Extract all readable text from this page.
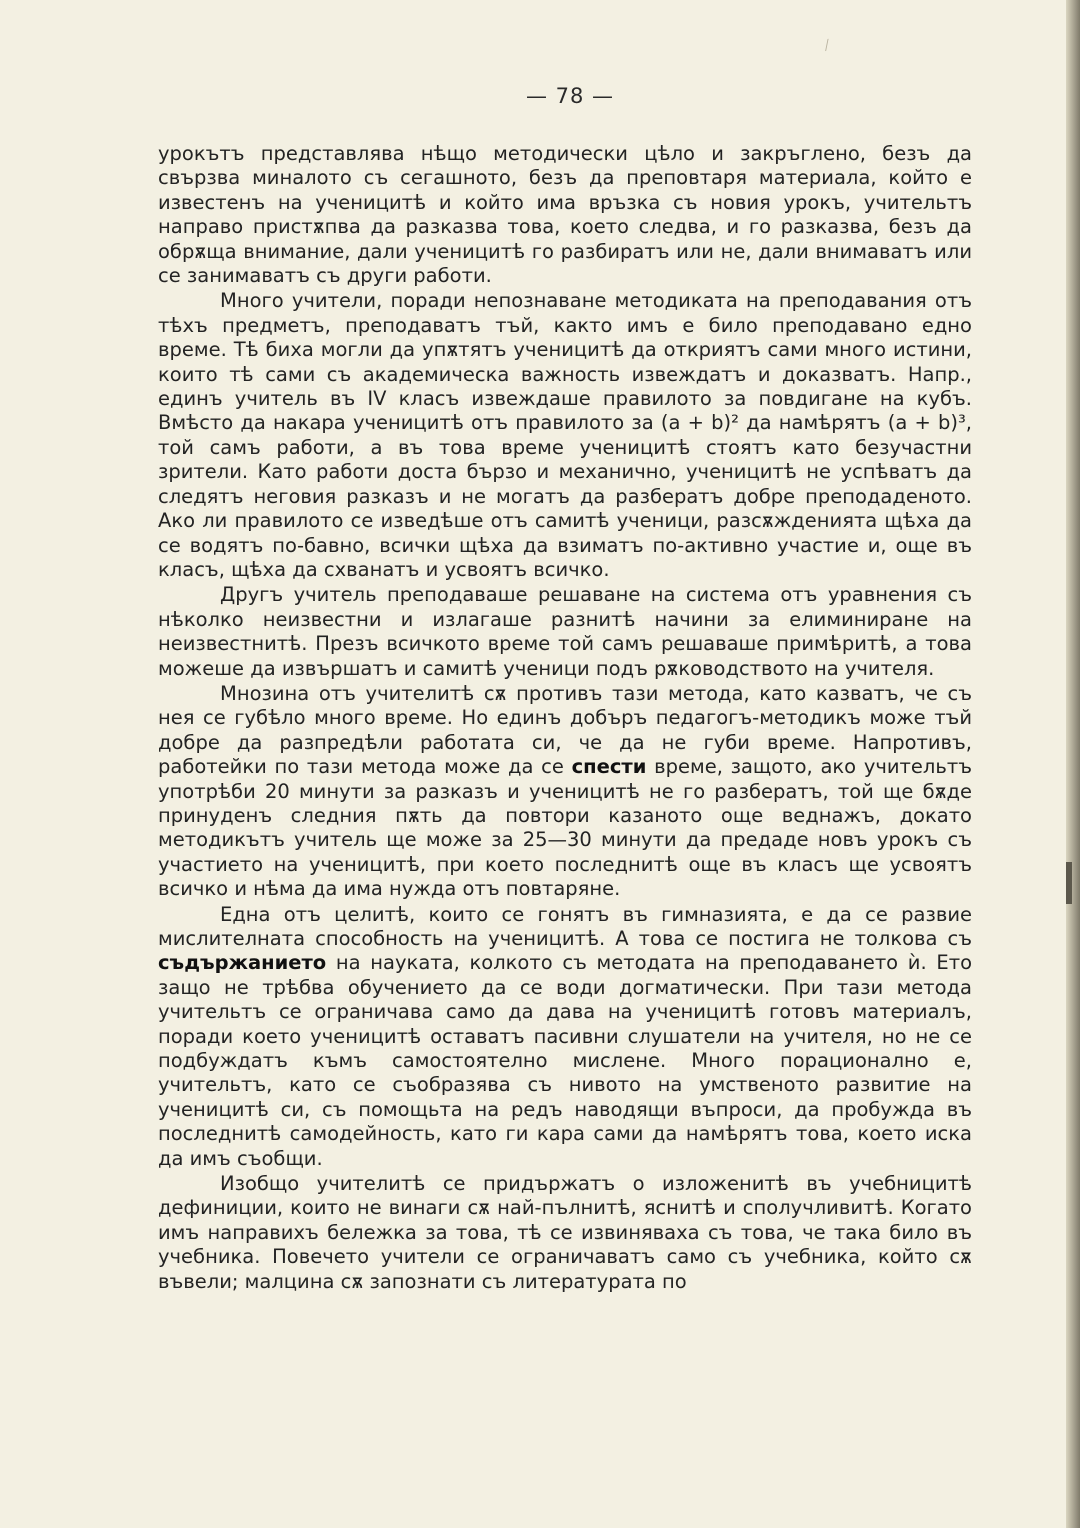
⁄
— 78 —

урокътъ представлява нѣщо методически цѣло и закръглено, безъ да свързва миналото съ сегашното, безъ да преповтаря материала, който е известенъ на ученицитѣ и който има връзка съ новия урокъ, учительтъ направо пристѫпва да разказва това, което следва, и го разказва, безъ да обрѫща внимание, дали ученицитѣ го разбиратъ или не, дали внимаватъ или се занимаватъ съ други работи.

Много учители, поради непознаване методиката на преподавания отъ тѣхъ предметъ, преподаватъ тъй, както имъ е било преподавано едно време. Тѣ биха могли да упѫтятъ ученицитѣ да откриятъ сами много истини, които тѣ сами съ академическа важность извеждатъ и доказватъ. Напр., единъ учитель въ IV класъ извеждаше правилото за повдигане на кубъ. Вмѣсто да накара ученицитѣ отъ правилото за (a + b)² да намѣрятъ (a + b)³, той самъ работи, а въ това време ученицитѣ стоятъ като безучастни зрители. Като работи доста бързо и механично, ученицитѣ не успѣватъ да следятъ неговия разказъ и не могатъ да разбератъ добре преподаденото. Ако ли правилото се изведѣше отъ самитѣ ученици, разсѫжденията щѣха да се водятъ по-бавно, всички щѣха да взиматъ по-активно участие и, още въ класъ, щѣха да схванатъ и усвоятъ всичко.

Другъ учитель преподаваше решаване на система отъ уравнения съ нѣколко неизвестни и излагаше разнитѣ начини за елиминиране на неизвестнитѣ. Презъ всичкото време той самъ решаваше примѣритѣ, а това можеше да извършатъ и самитѣ ученици подъ рѫководството на учителя.

Мнозина отъ учителитѣ сѫ противъ тази метода, като казватъ, че съ нея се губѣло много време. Но единъ добъръ педагогъ-методикъ може тъй добре да разпредѣли работата си, че да не губи време. Напротивъ, работейки по тази метода може да се спести време, защото, ако учительтъ употрѣби 20 минути за разказъ и ученицитѣ не го разбератъ, той ще бѫде принуденъ следния пѫть да повтори казаното още веднажъ, докато методикътъ учитель ще може за 25—30 минути да предаде новъ урокъ съ участието на ученицитѣ, при което последнитѣ още въ класъ ще усвоятъ всичко и нѣма да има нужда отъ повтаряне.

Една отъ целитѣ, които се гонятъ въ гимназията, е да се развие мислителната способность на ученицитѣ. А това се постига не толкова съ съдържанието на науката, колкото съ методата на преподаването ѝ. Ето защо не трѣбва обучението да се води догматически. При тази метода учительтъ се ограничава само да дава на ученицитѣ готовъ материалъ, поради което ученицитѣ оставатъ пасивни слушатели на учителя, но не се подбуждатъ къмъ самостоятелно мислене. Много порационално е, учительтъ, като се съобразява съ нивото на умственото развитие на ученицитѣ си, съ помощьта на редъ наводящи въпроси, да пробужда въ последнитѣ самодейность, като ги кара сами да намѣрятъ това, което иска да имъ съобщи.

Изобщо учителитѣ се придържатъ о изложенитѣ въ учебницитѣ дефиниции, които не винаги сѫ най-пълнитѣ, яснитѣ и сполучливитѣ. Когато имъ направихъ бележка за това, тѣ се извиняваха съ това, че така било въ учебника. Повечето учители се ограничаватъ само съ учебника, който сѫ въвели; малцина сѫ запознати съ литературата по
